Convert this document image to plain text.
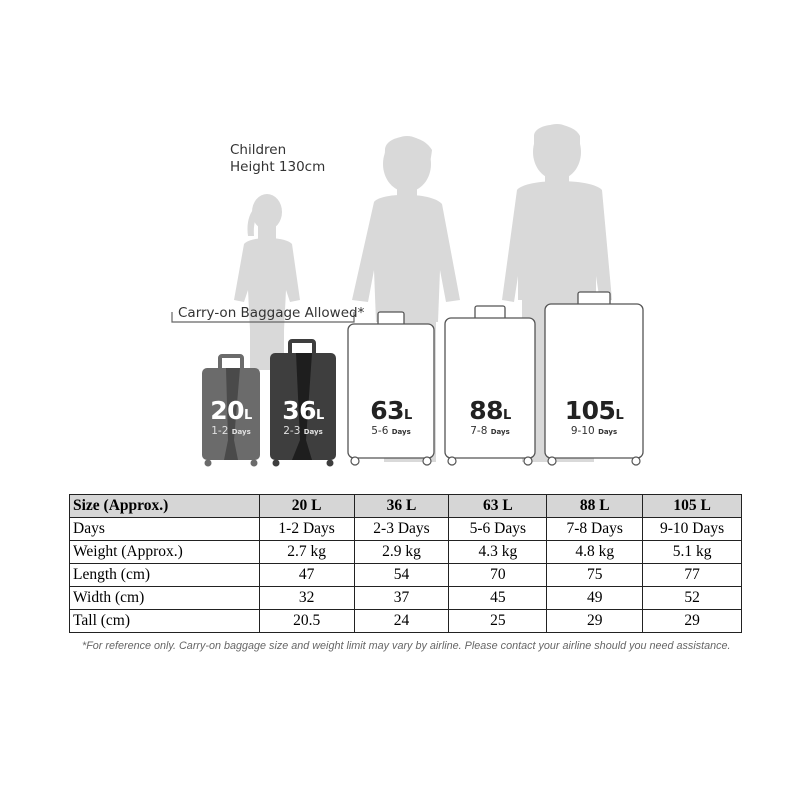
Children
Height 130cm
Carry-on Baggage Allowed*
20L
1-2 Days
36L
2-3 Days
63L
5-6 Days
88L
7-8 Days
105L
9-10 Days
Size (Approx.)	20 L	36 L	63 L	88 L	105 L
Days	1-2 Days	2-3 Days	5-6 Days	7-8 Days	9-10 Days
Weight (Approx.)	2.7 kg	2.9 kg	4.3 kg	4.8 kg	5.1 kg
Length (cm)	47	54	70	75	77
Width (cm)	32	37	45	49	52
Tall (cm)	20.5	24	25	29	29
*For reference only. Carry-on baggage size and weight limit may vary by airline. Please contact your airline should you need assistance.
